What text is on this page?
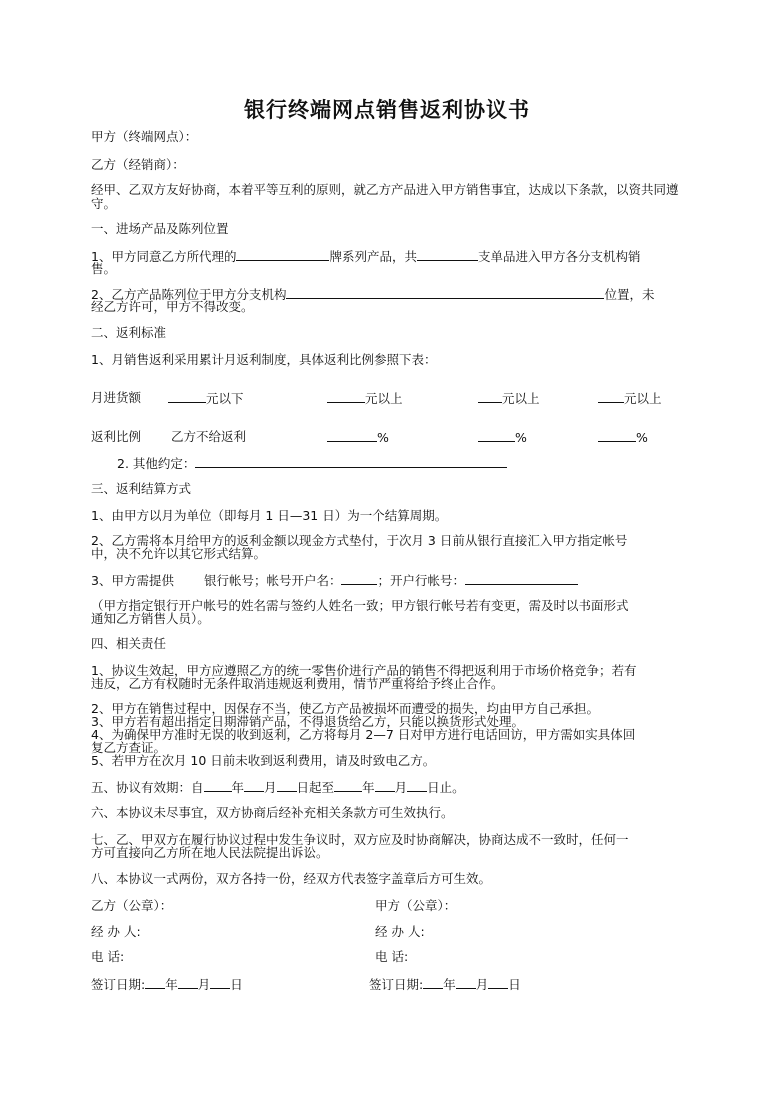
银行终端网点销售返利协议书
甲方（终端网点）：
乙方（经销商）：
经甲、乙双方友好协商，本着平等互利的原则，就乙方产品进入甲方销售事宜，达成以下条款，以资共同遵守。
一、进场产品及陈列位置
1、甲方同意乙方所代理的	牌系列产品，共	支单品进入甲方各分支机构销
售。
2、乙方产品陈列位于甲方分支机构	位置，未
经乙方许可，甲方不得改变。
二、返利标准
1、月销售返利采用累计月返利制度，具体返利比例参照下表：
月进货额	元以下	元以上	元以上	元以上
返利比例 乙方不给返利	%	%	%
2. 其他约定：
三、返利结算方式
1、由甲方以月为单位（即每月 1 日—31 日）为一个结算周期。
2、乙方需将本月给甲方的返利金额以现金方式垫付，于次月 3 日前从银行直接汇入甲方指定帐号
中，决不允许以其它形式结算。
3、甲方需提供 银行帐号；帐号开户名：	；开户行帐号：
（甲方指定银行开户帐号的姓名需与签约人姓名一致；甲方银行帐号若有变更，需及时以书面形式
通知乙方销售人员）。
四、相关责任
1、协议生效起，甲方应遵照乙方的统一零售价进行产品的销售不得把返利用于市场价格竞争；若有
违反，乙方有权随时无条件取消违规返利费用，情节严重将给予终止合作。
2、甲方在销售过程中，因保存不当，使乙方产品被损坏而遭受的损失，均由甲方自己承担。
3、甲方若有超出指定日期滞销产品，不得退货给乙方，只能以换货形式处理。
4、为确保甲方准时无误的收到返利，乙方将每月 2—7 日对甲方进行电话回访，甲方需如实具体回
复乙方查证。
5、若甲方在次月 10 日前未收到返利费用，请及时致电乙方。
五、协议有效期：自 年 月 日起至 年 月 日止。
六、本协议未尽事宜，双方协商后经补充相关条款方可生效执行。
七、乙、甲双方在履行协议过程中发生争议时，双方应及时协商解决，协商达成不一致时，任何一
方可直接向乙方所在地人民法院提出诉讼。
八、本协议一式两份，双方各持一份，经双方代表签字盖章后方可生效。
乙方（公章）：	甲方（公章）：
经 办 人:	经 办 人:
电 话:	电 话:
签订日期: 年 月 日	签订日期: 年 月 日
